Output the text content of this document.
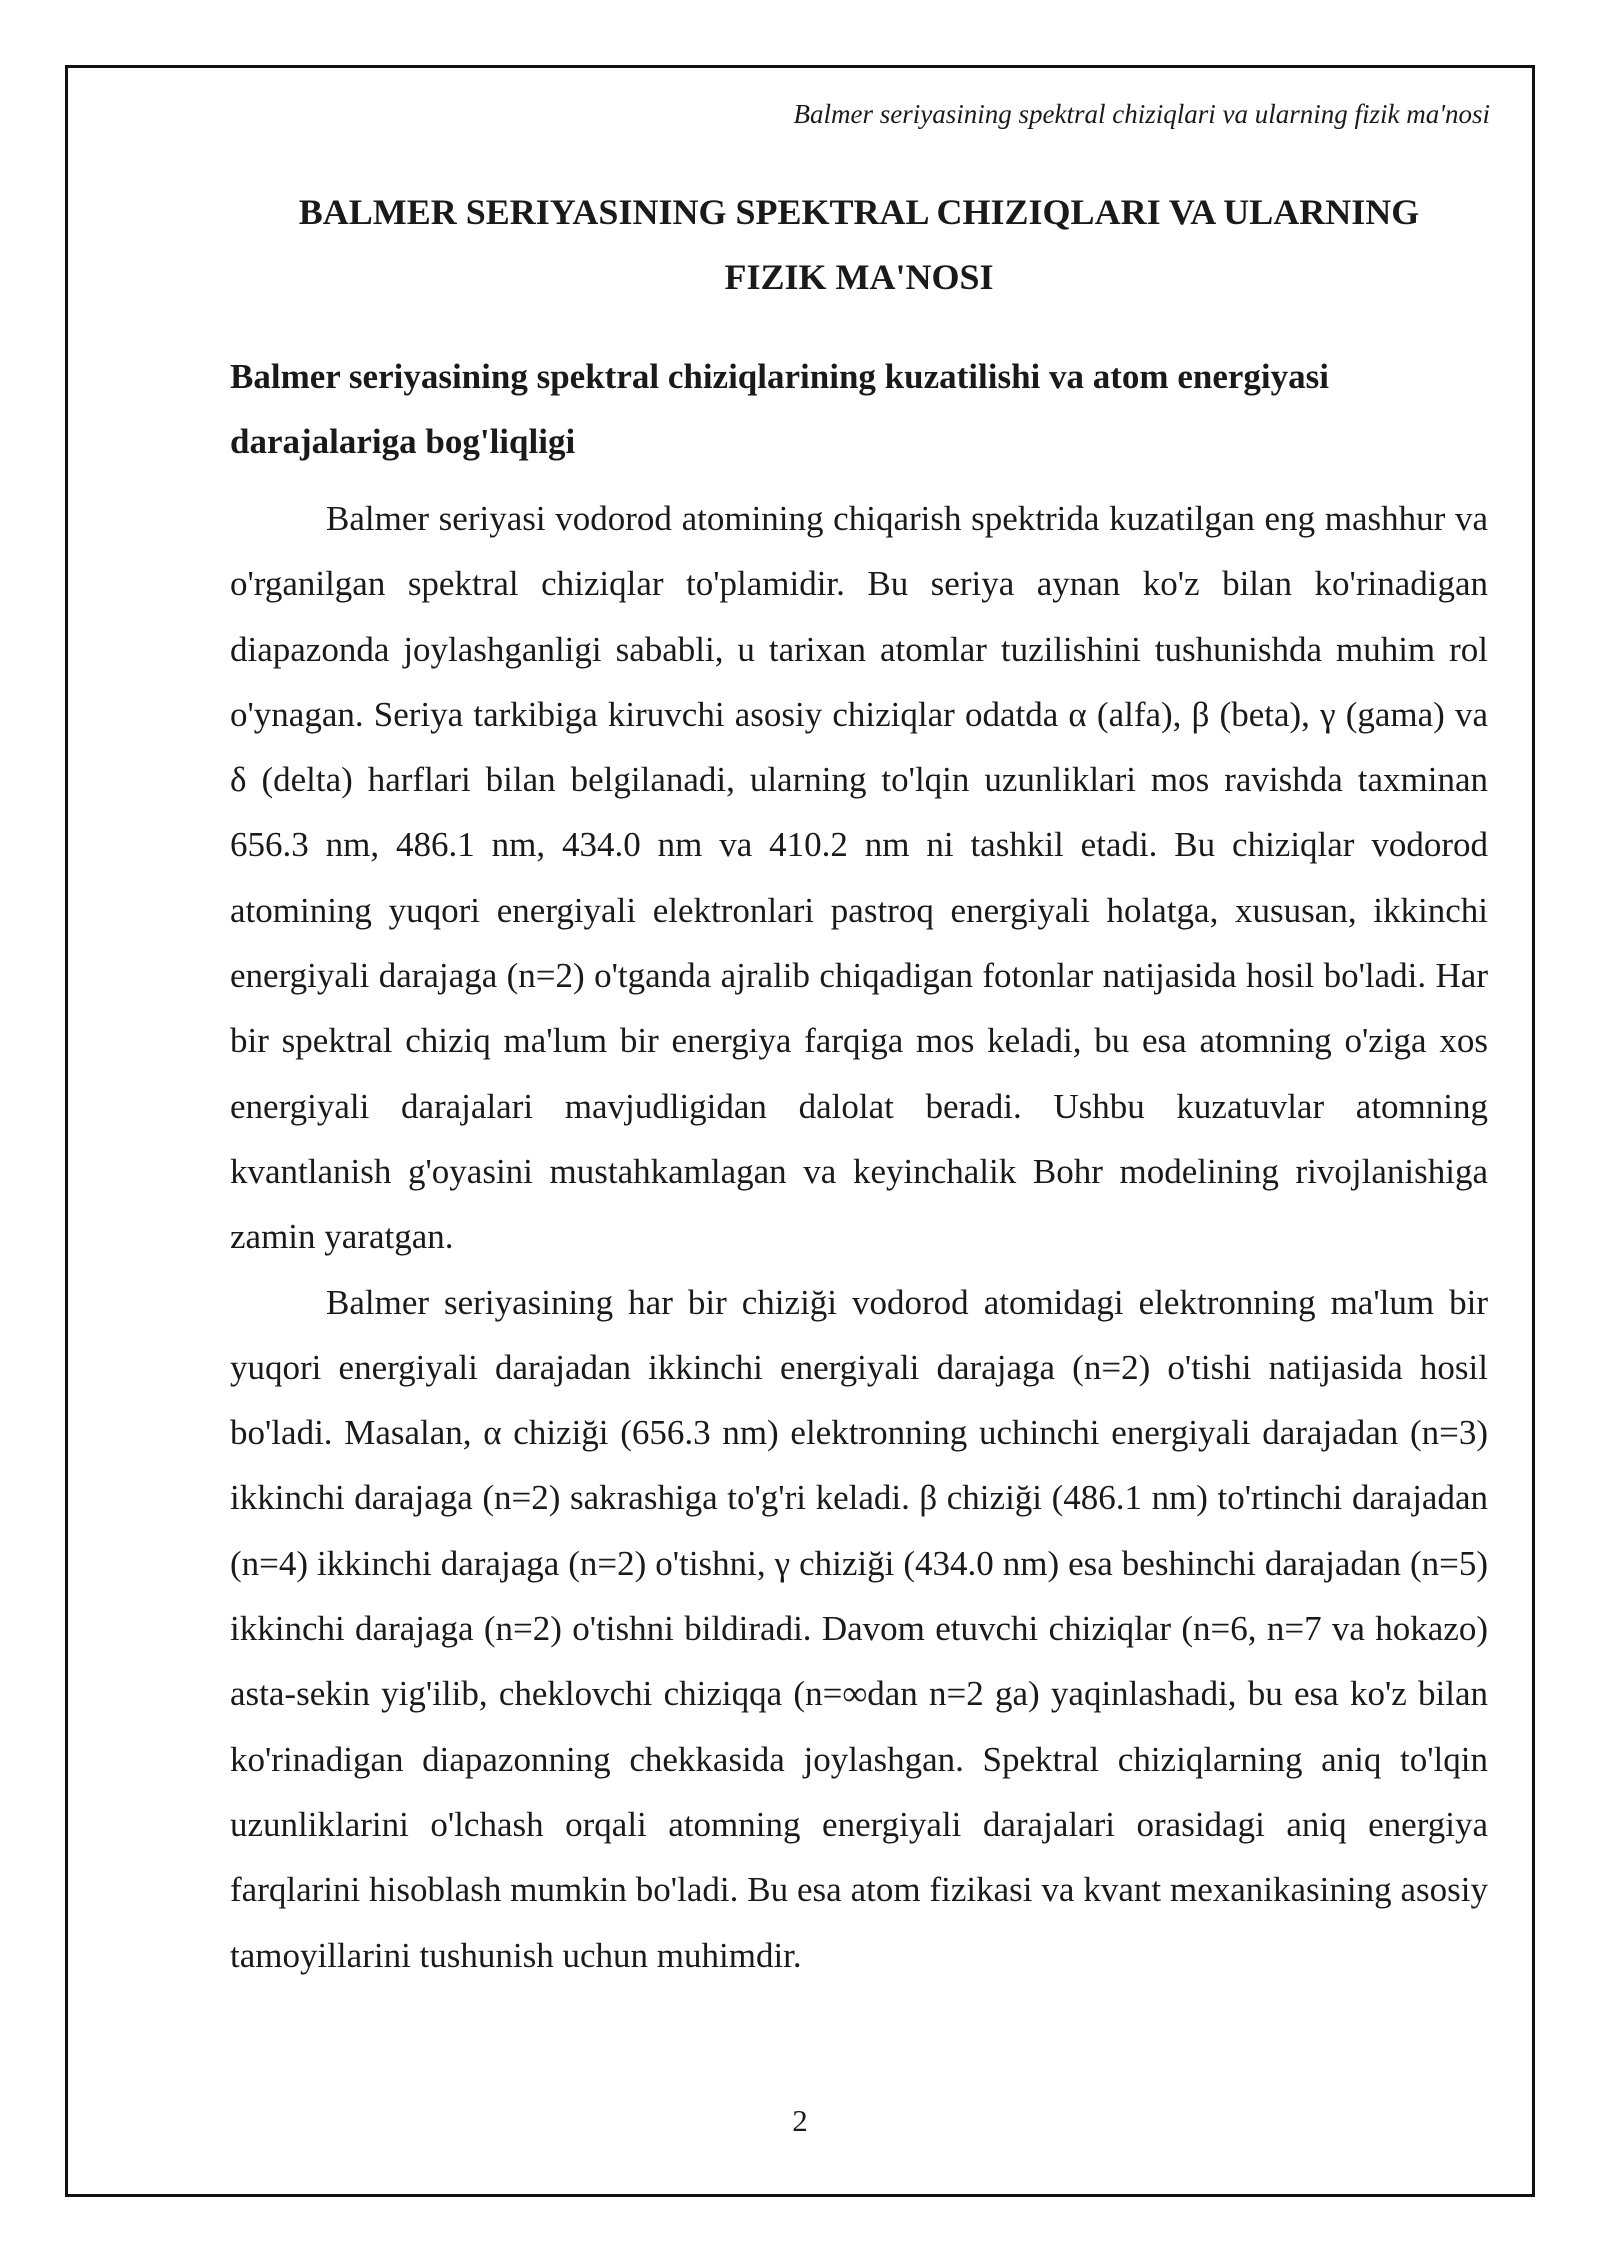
Balmer seriyasining spektral chiziqlari va ularning fizik ma'nosi
BALMER SERIYASINING SPEKTRAL CHIZIQLARI VA ULARNING
FIZIK MA'NOSI
Balmer seriyasining spektral chiziqlarining kuzatilishi va atom energiyasi darajalariga bog'liqligi

Balmer seriyasi vodorod atomining chiqarish spektrida kuzatilgan eng mashhur va o'rganilgan spektral chiziqlar to'plamidir. Bu seriya aynan ko'z bilan ko'rinadigan diapazonda joylashganligi sababli, u tarixan atomlar tuzilishini tushunishda muhim rol o'ynagan. Seriya tarkibiga kiruvchi asosiy chiziqlar odatda α (alfa), β (beta), γ (gama) va δ (delta) harflari bilan belgilanadi, ularning to'lqin uzunliklari mos ravishda taxminan 656.3 nm, 486.1 nm, 434.0 nm va 410.2 nm ni tashkil etadi. Bu chiziqlar vodorod atomining yuqori energiyali elektronlari pastroq energiyali holatga, xususan, ikkinchi energiyali darajaga (n=2) o'tganda ajralib chiqadigan fotonlar natijasida hosil bo'ladi. Har bir spektral chiziq ma'lum bir energiya farqiga mos keladi, bu esa atomning o'ziga xos energiyali darajalari mavjudligidan dalolat beradi. Ushbu kuzatuvlar atomning kvantlanish g'oyasini mustahkamlagan va keyinchalik Bohr modelining rivojlanishiga zamin yaratgan.

Balmer seriyasining har bir chiziği vodorod atomidagi elektronning ma'lum bir yuqori energiyali darajadan ikkinchi energiyali darajaga (n=2) o'tishi natijasida hosil bo'ladi. Masalan, α chiziği (656.3 nm) elektronning uchinchi energiyali darajadan (n=3) ikkinchi darajaga (n=2) sakrashiga to'g'ri keladi. β chiziği (486.1 nm) to'rtinchi darajadan (n=4) ikkinchi darajaga (n=2) o'tishni, γ chiziği (434.0 nm) esa beshinchi darajadan (n=5) ikkinchi darajaga (n=2) o'tishni bildiradi. Davom etuvchi chiziqlar (n=6, n=7 va hokazo) asta-sekin yig'ilib, cheklovchi chiziqqa (n=∞dan n=2 ga) yaqinlashadi, bu esa ko'z bilan ko'rinadigan diapazonning chekkasida joylashgan. Spektral chiziqlarning aniq to'lqin uzunliklarini o'lchash orqali atomning energiyali darajalari orasidagi aniq energiya farqlarini hisoblash mumkin bo'ladi. Bu esa atom fizikasi va kvant mexanikasining asosiy tamoyillarini tushunish uchun muhimdir.

2
